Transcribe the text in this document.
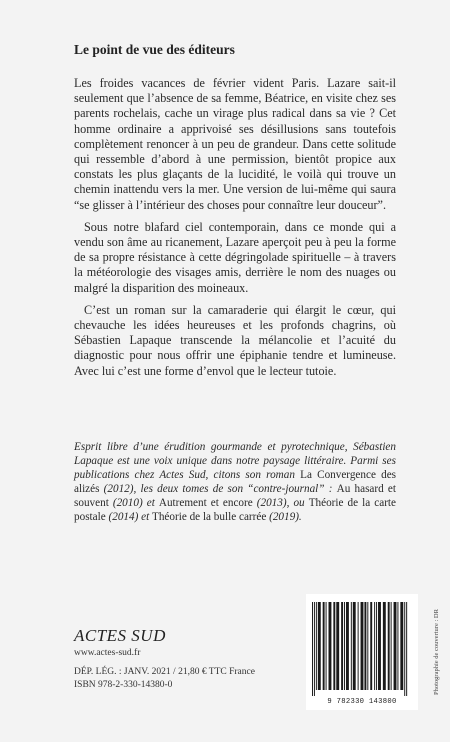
Le point de vue des éditeurs

Les froides vacances de février vident Paris. Lazare sait-il seulement que l’absence de sa femme, Béatrice, en visite chez ses parents rochelais, cache un virage plus radical dans sa vie ? Cet homme ordinaire a apprivoisé ses désillusions sans toutefois complètement renoncer à un peu de grandeur. Dans cette solitude qui ressemble d’abord à une permission, bientôt propice aux constats les plus glaçants de la lucidité, le voilà qui trouve un chemin inattendu vers la mer. Une version de lui-même qui saura “se glisser à l’intérieur des choses pour connaître leur douceur”.

Sous notre blafard ciel contemporain, dans ce monde qui a vendu son âme au ricanement, Lazare aperçoit peu à peu la forme de sa propre résistance à cette dégringolade spirituelle – à travers la météorologie des visages amis, derrière le nom des nuages ou malgré la disparition des moineaux.

C’est un roman sur la camaraderie qui élargit le cœur, qui chevauche les idées heureuses et les profonds chagrins, où Sébastien Lapaque transcende la mélancolie et l’acuité du diagnostic pour nous offrir une épiphanie tendre et lumineuse. Avec lui c’est une forme d’envol que le lecteur tutoie.

Esprit libre d’une érudition gourmande et pyrotechnique, Sébastien Lapaque est une voix unique dans notre paysage littéraire. Parmi ses publications chez Actes Sud, citons son roman La Convergence des alizés (2012), les deux tomes de son “contre-journal” : Au hasard et souvent (2010) et Autrement et encore (2013), ou Théorie de la carte postale (2014) et Théorie de la bulle carrée (2019).
ACTES SUD
www.actes-sud.fr
DÉP. LÉG. : JANV. 2021 / 21,80 € TTC France
ISBN 978-2-330-14380-0	Photographie de couverture : DR
9 782330 143800
